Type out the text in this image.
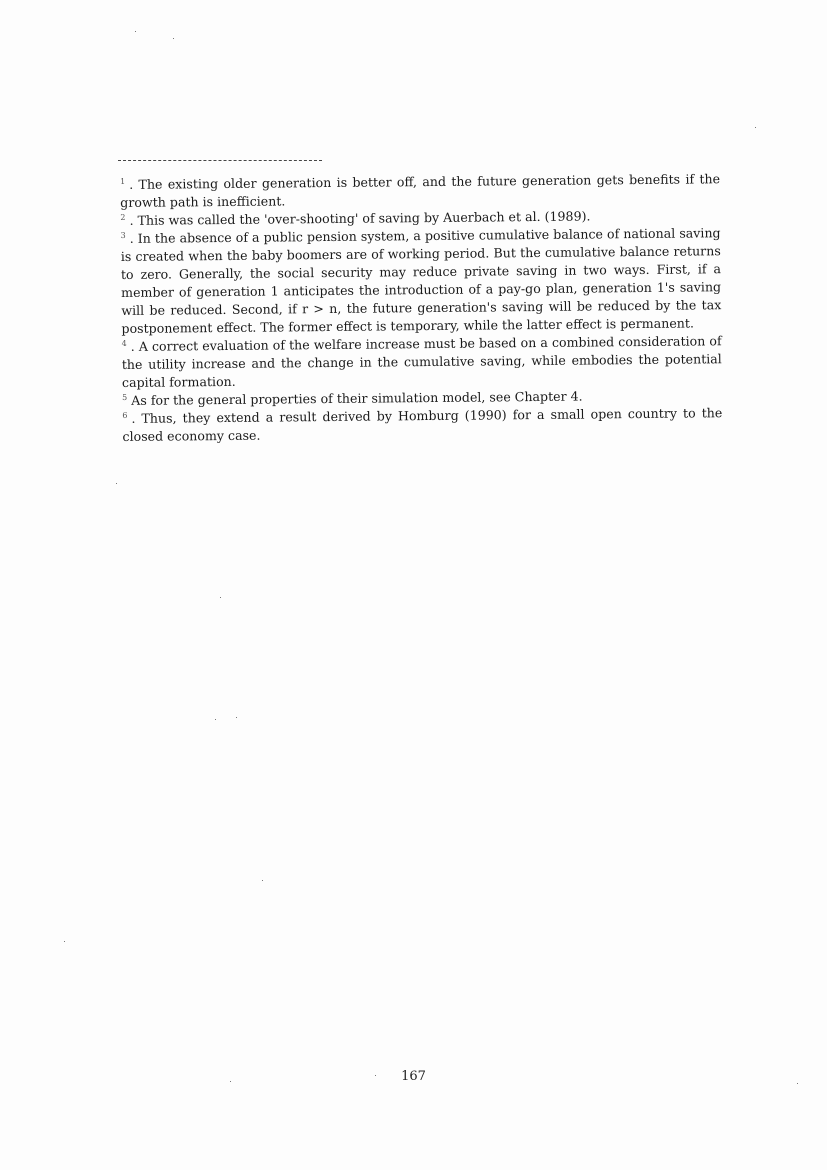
$^1$ . The existing older generation is better off, and the future generation gets benefits if the growth path is inefficient.

$^2$ . This was called the 'over-shooting' of saving by Auerbach et al. (1989).

$^3$ . In the absence of a public pension system, a positive cumulative balance of national saving is created when the baby boomers are of working period. But the cumulative balance returns to zero. Generally, the social security may reduce private saving in two ways. First, if a member of generation 1 anticipates the introduction of a pay-go plan, generation 1's saving will be reduced. Second, if r > n, the future generation's saving will be reduced by the tax postponement effect. The former effect is temporary, while the latter effect is permanent.

$^4$ . A correct evaluation of the welfare increase must be based on a combined consideration of the utility increase and the change in the cumulative saving, while embodies the potential capital formation.

$^5$ As for the general properties of their simulation model, see Chapter 4.

$^6$ . Thus, they extend a result derived by Homburg (1990) for a small open country to the closed economy case.

167
